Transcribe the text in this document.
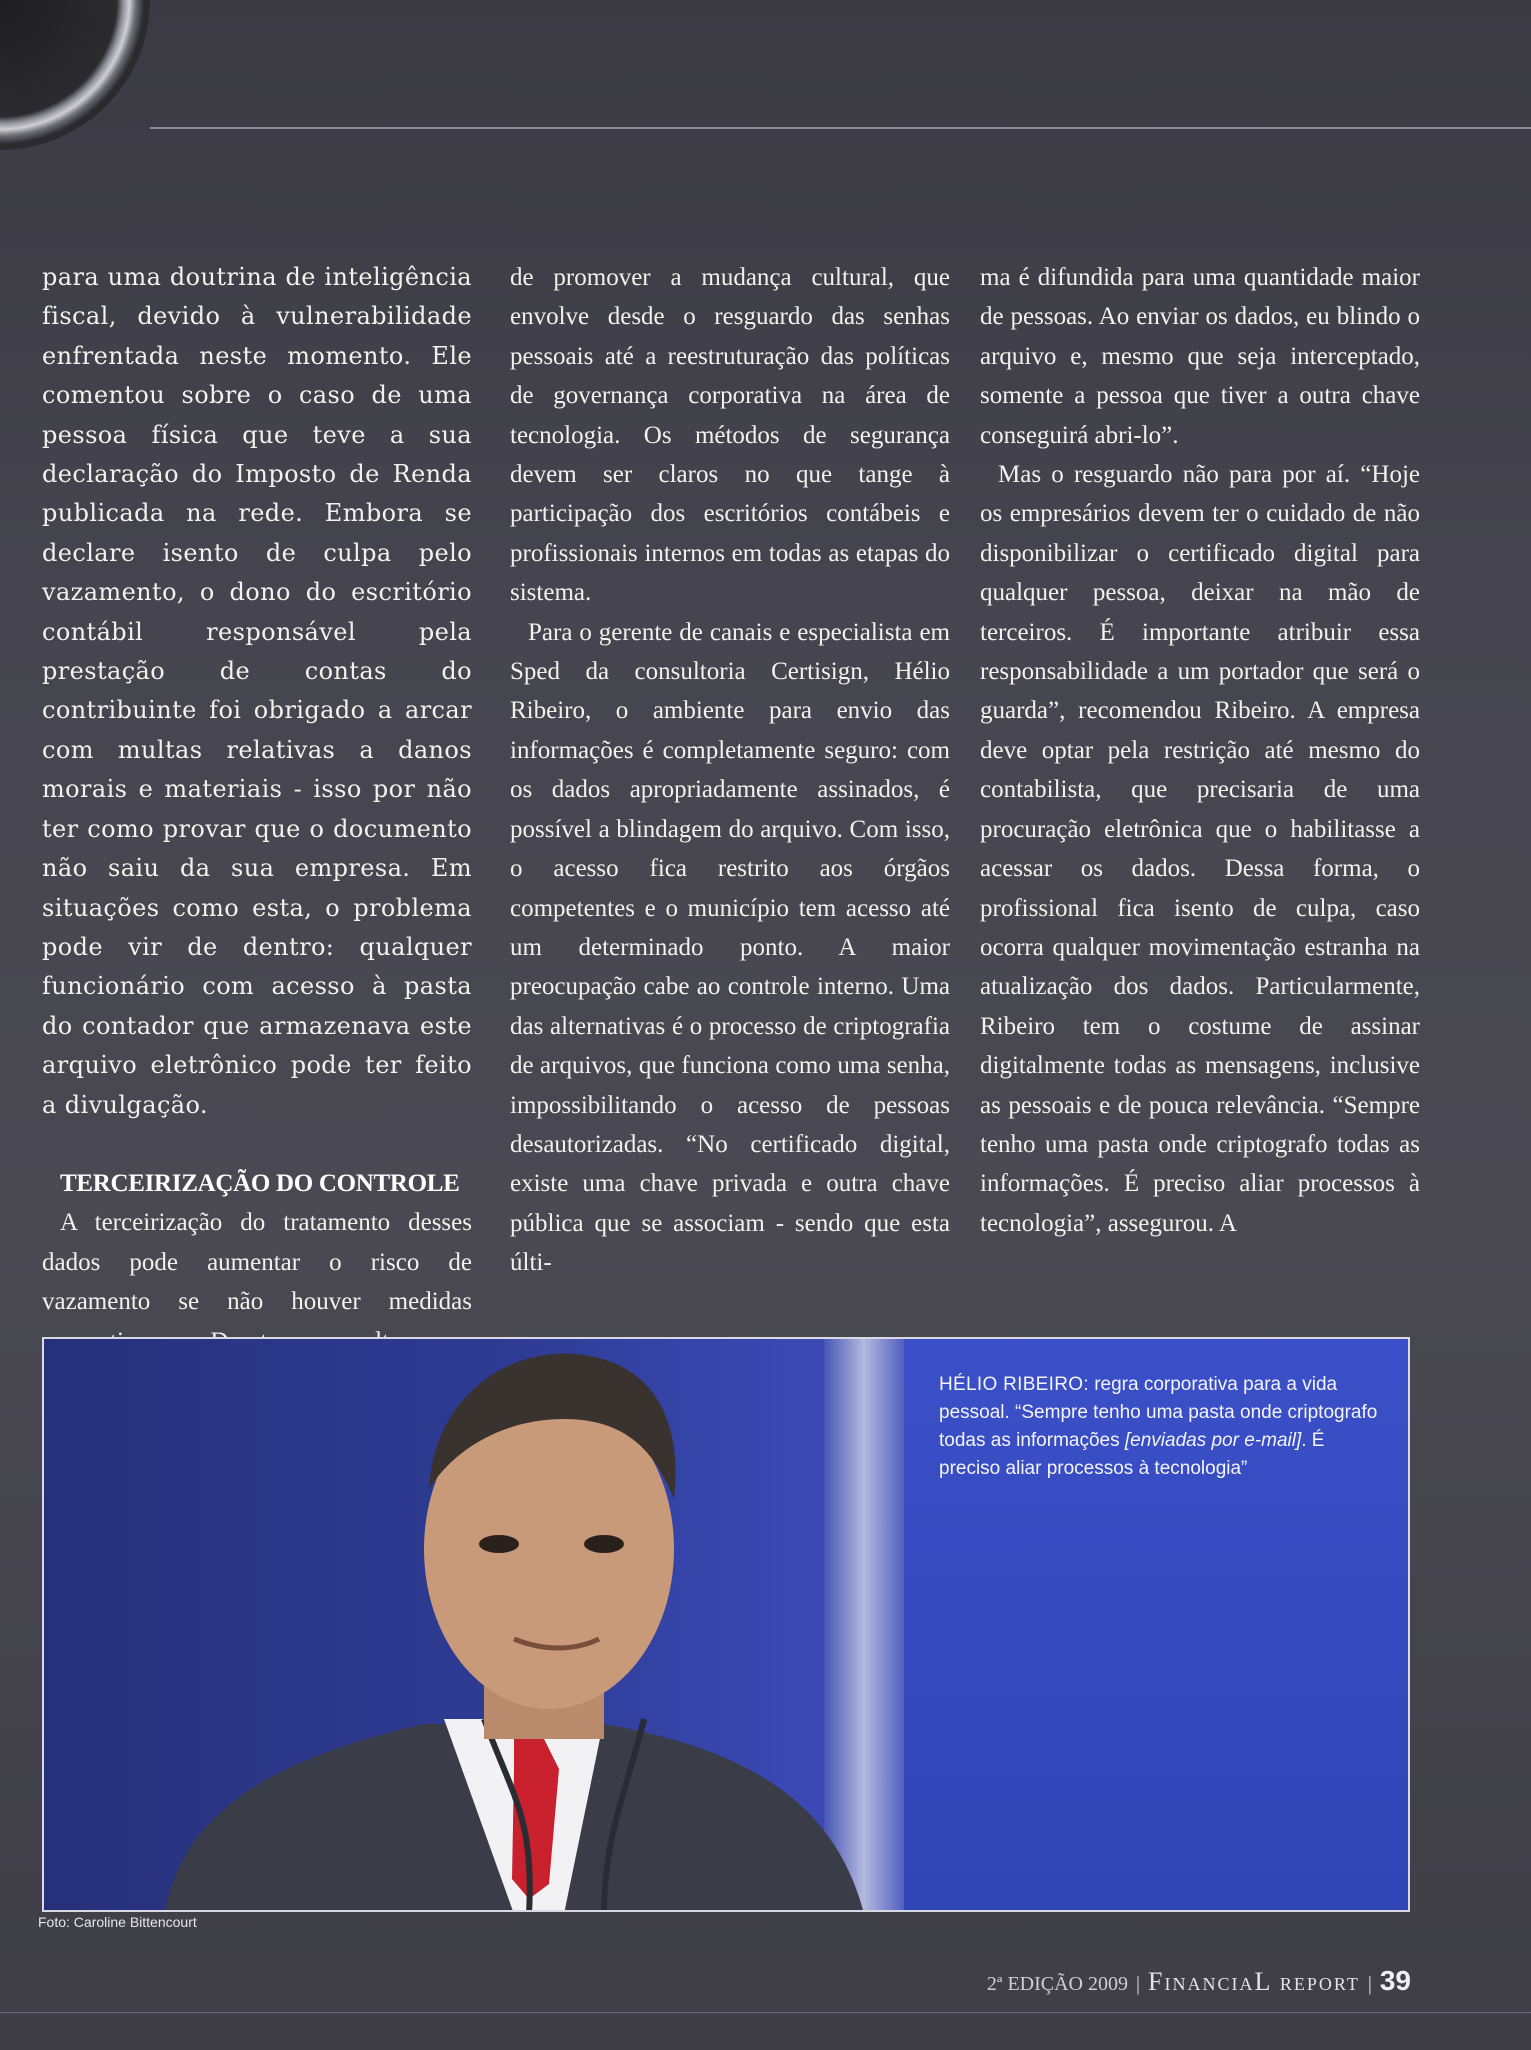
para uma doutrina de inteligência fiscal, devido à vulnerabilidade enfrentada neste momento. Ele comentou sobre o caso de uma pessoa física que teve a sua declaração do Imposto de Renda publicada na rede. Embora se declare isento de culpa pelo vazamento, o dono do escritório contábil responsável pela prestação de contas do contribuinte foi obrigado a arcar com multas relativas a danos morais e materiais - isso por não ter como provar que o documento não saiu da sua empresa. Em situações como esta, o problema pode vir de dentro: qualquer funcionário com acesso à pasta do contador que armazenava este arquivo eletrônico pode ter feito a divulgação.

TERCEIRIZAÇÃO DO CONTROLE

A terceirização do tratamento desses dados pode aumentar o risco de vazamento se não houver medidas

de promover a mudança cultural, que envolve desde o resguardo das senhas pessoais até a reestruturação das políticas de governança corporativa na área de tecnologia. Os métodos de segurança devem ser claros no que tange à participação dos escritórios contábeis e profissionais internos em todas as etapas do sistema.

Para o gerente de canais e especialista em Sped da consultoria Certisign, Hélio Ribeiro, o ambiente para envio das informações é completamente seguro: com os dados apropriadamente assinados, é possível a blindagem do arquivo. Com isso, o acesso fica restrito aos órgãos competentes e o município tem acesso até um determinado ponto. A maior preocupação cabe ao controle interno. Uma das alternativas é o processo de criptografia de arquivos, que funciona como uma senha, impossibilitando o acesso de pessoas desautorizadas. “No certificado digital, existe uma chave privada e outra chave pública que se associam - sendo que esta últi-

ma é difundida para uma quantidade maior de pessoas. Ao enviar os dados, eu blindo o arquivo e, mesmo que seja interceptado, somente a pessoa que tiver a outra chave conseguirá abri-lo”.

Mas o resguardo não para por aí. “Hoje os empresários devem ter o cuidado de não disponibilizar o certificado digital para qualquer pessoa, deixar na mão de terceiros. É importante atribuir essa responsabilidade a um portador que será o guarda”, recomendou Ribeiro. A empresa deve optar pela restrição até mesmo do contabilista, que precisaria de uma procuração eletrônica que o habilitasse a acessar os dados. Dessa forma, o profissional fica isento de culpa, caso ocorra qualquer movimentação estranha na atualização dos dados. Particularmente, Ribeiro tem o costume de assinar digitalmente todas as mensagens, inclusive as pessoais e de pouca relevância. “Sempre tenho uma pasta onde criptografo todas as informações. É preciso aliar processos à tecnologia”, assegurou. A

HÉLIO RIBEIRO: regra corporativa para a vida pessoal. “Sempre tenho uma pasta onde criptografo todas as informações [enviadas por e-mail]. É preciso aliar processos à tecnologia”
Foto: Caroline Bittencourt
2ª EDIÇÃO 2009 | FinanciaL report | 39
